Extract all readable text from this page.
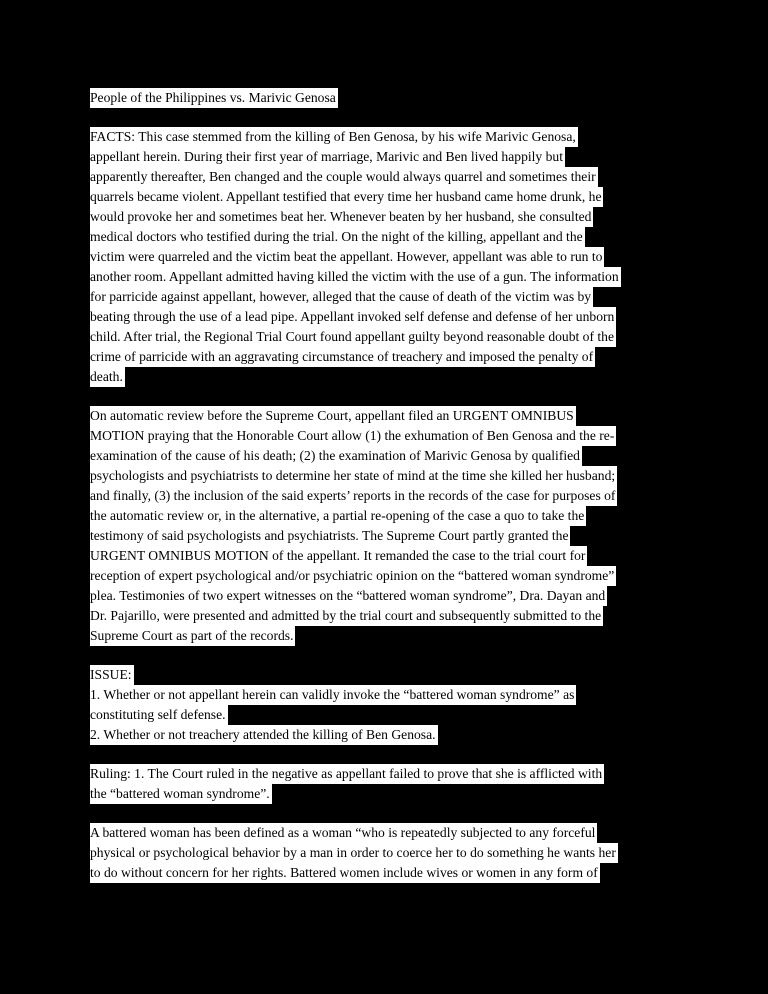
People of the Philippines vs. Marivic Genosa
FACTS: This case stemmed from the killing of Ben Genosa, by his wife Marivic Genosa,
appellant herein. During their first year of marriage, Marivic and Ben lived happily but
apparently thereafter, Ben changed and the couple would always quarrel and sometimes their
quarrels became violent. Appellant testified that every time her husband came home drunk, he
would provoke her and sometimes beat her. Whenever beaten by her husband, she consulted
medical doctors who testified during the trial. On the night of the killing, appellant and the
victim were quarreled and the victim beat the appellant. However, appellant was able to run to
another room. Appellant admitted having killed the victim with the use of a gun. The information
for parricide against appellant, however, alleged that the cause of death of the victim was by
beating through the use of a lead pipe. Appellant invoked self defense and defense of her unborn
child. After trial, the Regional Trial Court found appellant guilty beyond reasonable doubt of the
crime of parricide with an aggravating circumstance of treachery and imposed the penalty of
death.
On automatic review before the Supreme Court, appellant filed an URGENT OMNIBUS
MOTION praying that the Honorable Court allow (1) the exhumation of Ben Genosa and the re-
examination of the cause of his death; (2) the examination of Marivic Genosa by qualified
psychologists and psychiatrists to determine her state of mind at the time she killed her husband;
and finally, (3) the inclusion of the said experts’ reports in the records of the case for purposes of
the automatic review or, in the alternative, a partial re-opening of the case a quo to take the
testimony of said psychologists and psychiatrists. The Supreme Court partly granted the
URGENT OMNIBUS MOTION of the appellant. It remanded the case to the trial court for
reception of expert psychological and/or psychiatric opinion on the “battered woman syndrome”
plea. Testimonies of two expert witnesses on the “battered woman syndrome”, Dra. Dayan and
Dr. Pajarillo, were presented and admitted by the trial court and subsequently submitted to the
Supreme Court as part of the records.
ISSUE:
1. Whether or not appellant herein can validly invoke the “battered woman syndrome” as
constituting self defense.
2. Whether or not treachery attended the killing of Ben Genosa.
Ruling: 1. The Court ruled in the negative as appellant failed to prove that she is afflicted with
the “battered woman syndrome”.
A battered woman has been defined as a woman “who is repeatedly subjected to any forceful
physical or psychological behavior by a man in order to coerce her to do something he wants her
to do without concern for her rights. Battered women include wives or women in any form of
